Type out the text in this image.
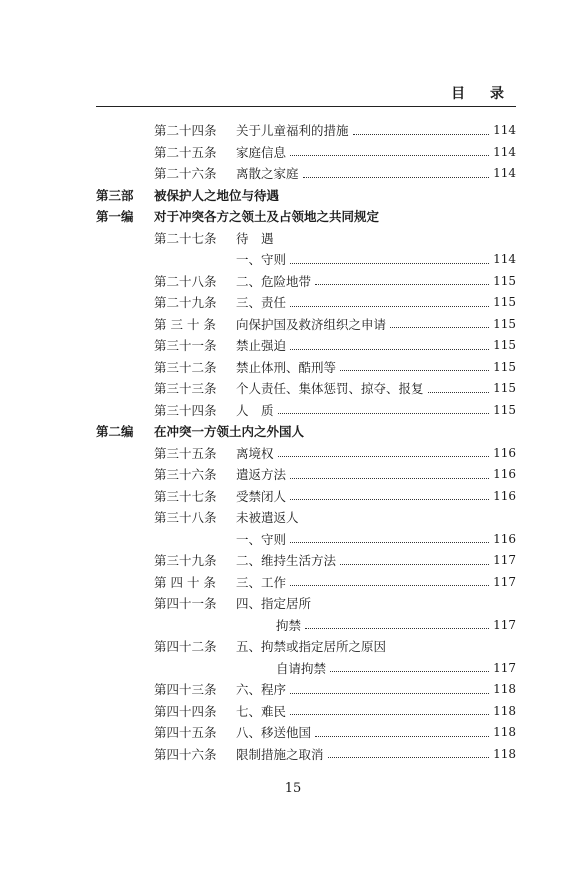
目 录
第二十四条 关于儿童福利的措施	114
第二十五条 家庭信息	114
第二十六条 离散之家庭	114
第三部 被保护人之地位与待遇
第一编 对于冲突各方之领土及占领地之共同规定
第二十七条 待　遇
一、守则	114
第二十八条 二、危险地带	115
第二十九条 三、责任	115
第 三 十 条 向保护国及救济组织之申请	115
第三十一条 禁止强迫	115
第三十二条 禁止体刑、酷刑等	115
第三十三条 个人责任、集体惩罚、掠夺、报复	115
第三十四条 人　质	115
第二编 在冲突一方领土内之外国人
第三十五条 离境权	116
第三十六条 遣返方法	116
第三十七条 受禁闭人	116
第三十八条 未被遣返人
一、守则	116
第三十九条 二、维持生活方法	117
第 四 十 条 三、工作	117
第四十一条 四、指定居所
拘禁	117
第四十二条 五、拘禁或指定居所之原因
自请拘禁	117
第四十三条 六、程序	118
第四十四条 七、难民	118
第四十五条 八、移送他国	118
第四十六条 限制措施之取消	118
15
